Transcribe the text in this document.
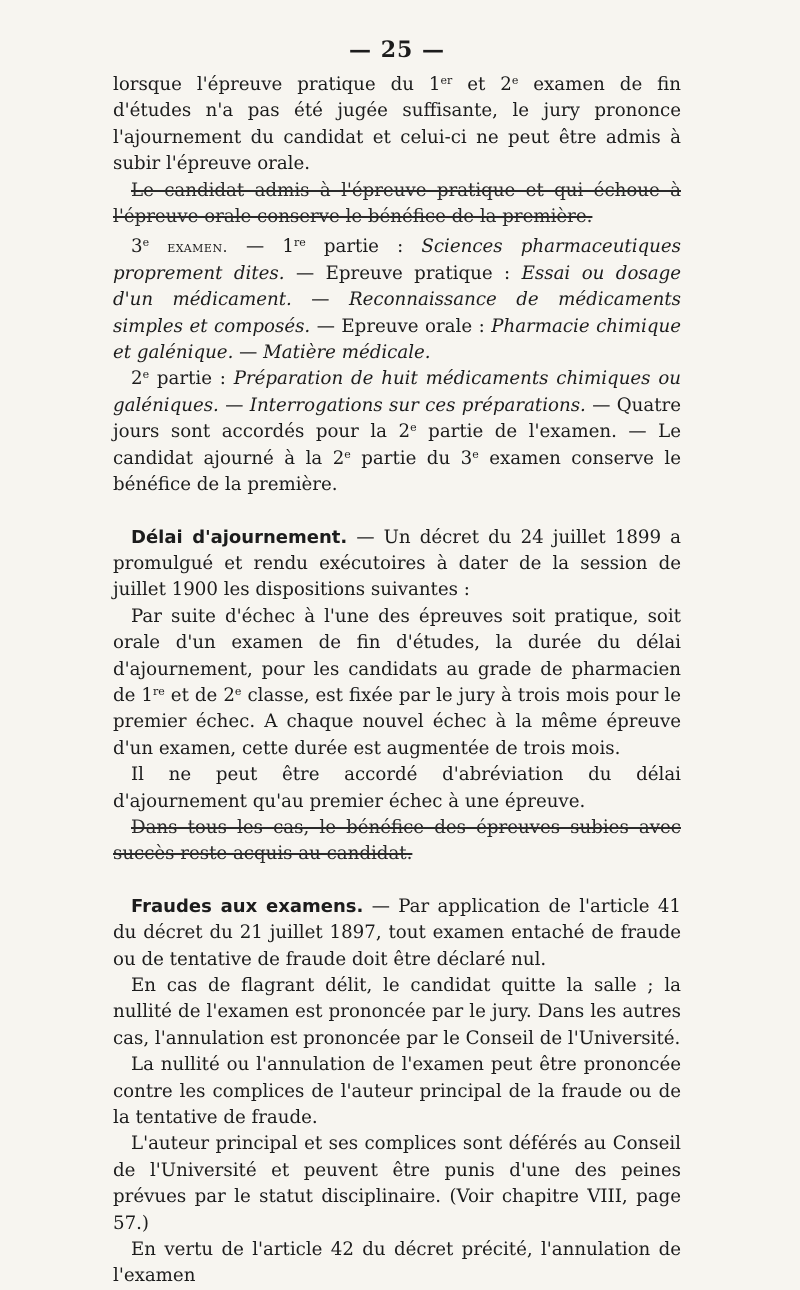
— 25 —

lorsque l'épreuve pratique du 1er et 2e examen de fin d'études n'a pas été jugée suffisante, le jury prononce l'ajournement du candidat et celui-ci ne peut être admis à subir l'épreuve orale.

Le candidat admis à l'épreuve pratique et qui échoue à l'épreuve orale conserve le bénéfice de la première.

3e examen. — 1re partie : Sciences pharmaceutiques proprement dites. — Epreuve pratique : Essai ou dosage d'un médicament. — Reconnaissance de médicaments simples et composés. — Epreuve orale : Pharmacie chimique et galénique. — Matière médicale.

2e partie : Préparation de huit médicaments chimiques ou galéniques. — Interrogations sur ces préparations. — Quatre jours sont accordés pour la 2e partie de l'examen. — Le candidat ajourné à la 2e partie du 3e examen conserve le bénéfice de la première.

Délai d'ajournement. — Un décret du 24 juillet 1899 a promulgué et rendu exécutoires à dater de la session de juillet 1900 les dispositions suivantes :

Par suite d'échec à l'une des épreuves soit pratique, soit orale d'un examen de fin d'études, la durée du délai d'ajournement, pour les candidats au grade de pharmacien de 1re et de 2e classe, est fixée par le jury à trois mois pour le premier échec. A chaque nouvel échec à la même épreuve d'un examen, cette durée est augmentée de trois mois.

Il ne peut être accordé d'abréviation du délai d'ajournement qu'au premier échec à une épreuve.

Dans tous les cas, le bénéfice des épreuves subies avec succès reste acquis au candidat.

Fraudes aux examens. — Par application de l'article 41 du décret du 21 juillet 1897, tout examen entaché de fraude ou de tentative de fraude doit être déclaré nul.

En cas de flagrant délit, le candidat quitte la salle ; la nullité de l'examen est prononcée par le jury. Dans les autres cas, l'annulation est prononcée par le Conseil de l'Université.

La nullité ou l'annulation de l'examen peut être prononcée contre les complices de l'auteur principal de la fraude ou de la tentative de fraude.

L'auteur principal et ses complices sont déférés au Conseil de l'Université et peuvent être punis d'une des peines prévues par le statut disciplinaire. (Voir chapitre VIII, page 57.)

En vertu de l'article 42 du décret précité, l'annulation de l'examen
